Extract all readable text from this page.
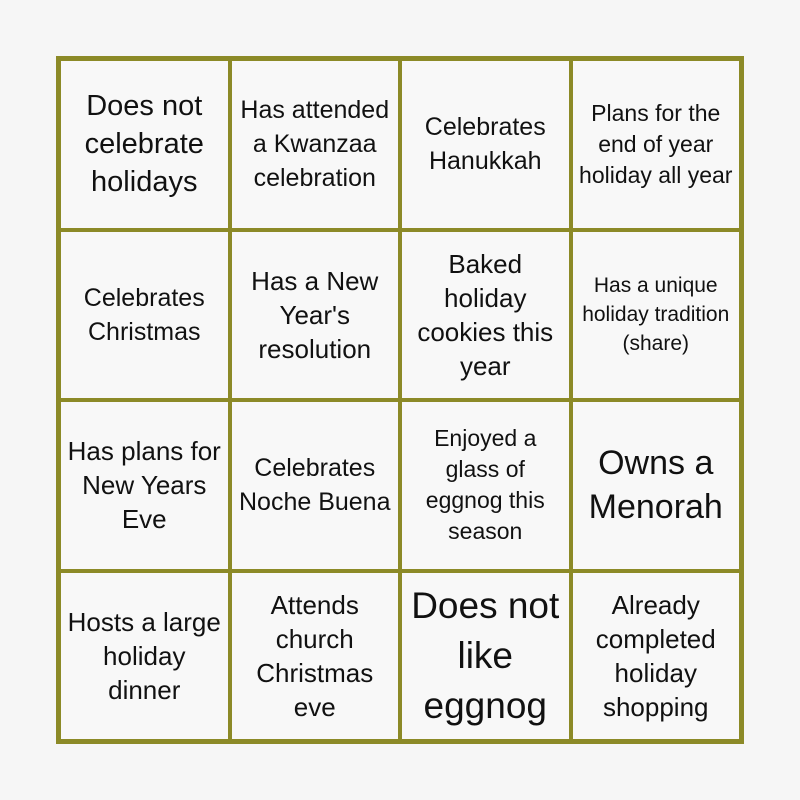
Does not celebrate holidays
Has attended a Kwanzaa celebration
Celebrates Hanukkah
Plans for the end of year holiday all year
Celebrates Christmas
Has a New Year's resolution
Baked holiday cookies this year
Has a unique holiday tradition (share)
Has plans for New Years Eve
Celebrates Noche Buena
Enjoyed a glass of eggnog this season
Owns a Menorah
Hosts a large holiday dinner
Attends church Christmas eve
Does not like eggnog
Already completed holiday shopping
